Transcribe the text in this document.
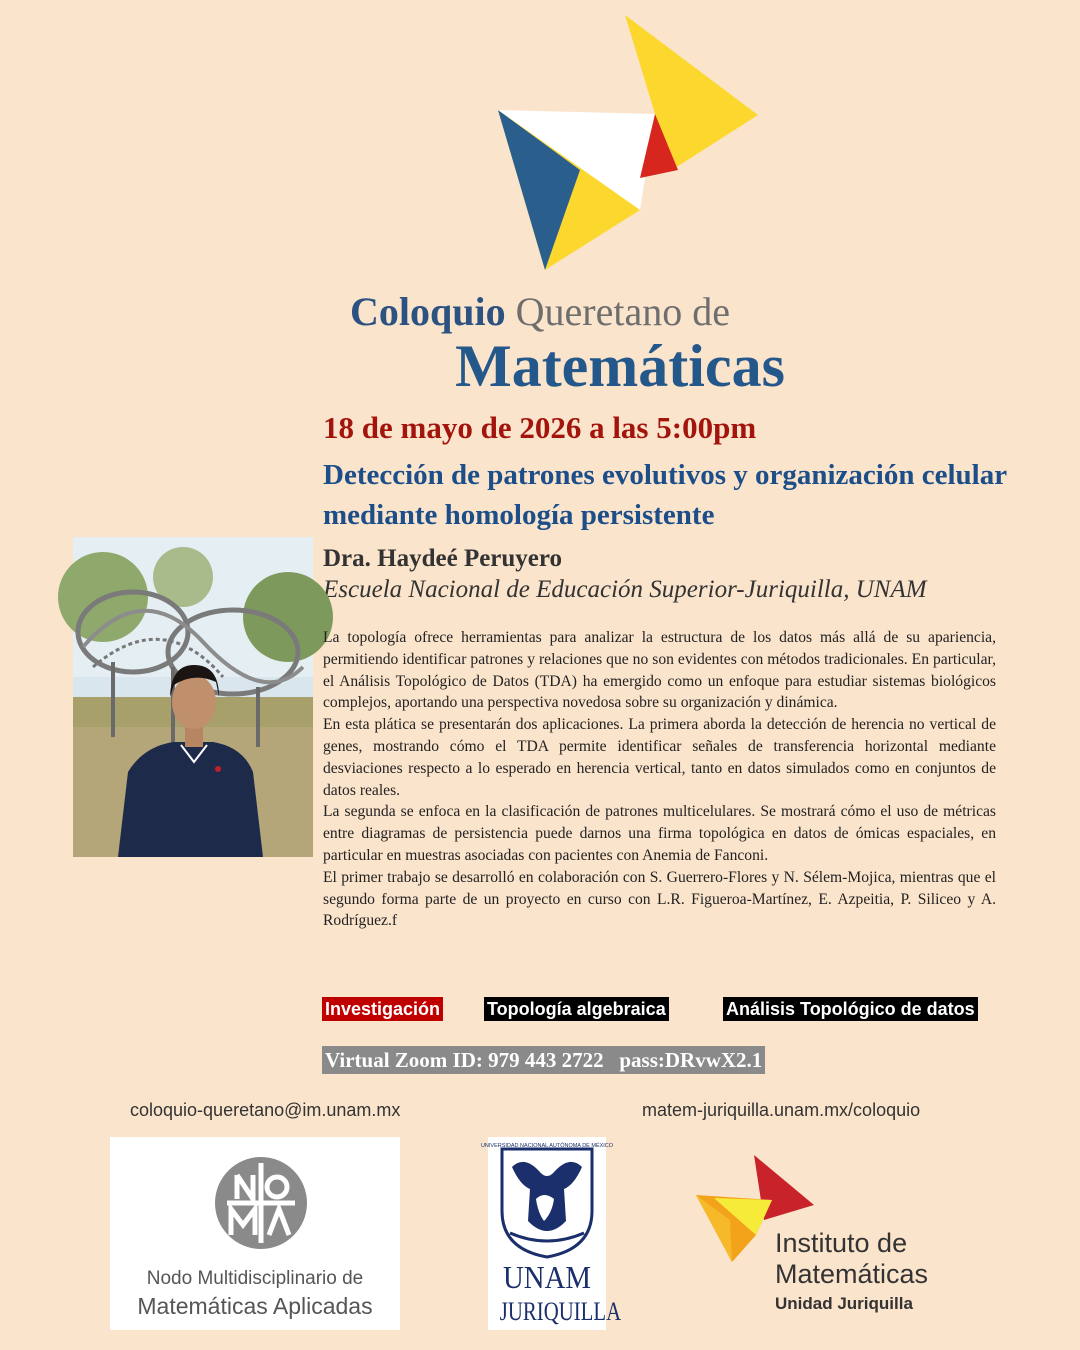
Coloquio Queretano de
Matemáticas
18 de mayo de 2026 a las 5:00pm
Detección de patrones evolutivos y organización celular mediante homología persistente
Dra. Haydeé Peruyero
Escuela Nacional de Educación Superior-Juriquilla, UNAM

La topología ofrece herramientas para analizar la estructura de los datos más allá de su apariencia, permitiendo identificar patrones y relaciones que no son evidentes con métodos tradicionales. En particular, el Análisis Topológico de Datos (TDA) ha emergido como un enfoque para estudiar sistemas biológicos complejos, aportando una perspectiva novedosa sobre su organización y dinámica.

En esta plática se presentarán dos aplicaciones. La primera aborda la detección de herencia no vertical de genes, mostrando cómo el TDA permite identificar señales de transferencia horizontal mediante desviaciones respecto a lo esperado en herencia vertical, tanto en datos simulados como en conjuntos de datos reales.

La segunda se enfoca en la clasificación de patrones multicelulares. Se mostrará cómo el uso de métricas entre diagramas de persistencia puede darnos una firma topológica en datos de ómicas espaciales, en particular en muestras asociadas con pacientes con Anemia de Fanconi.

El primer trabajo se desarrolló en colaboración con S. Guerrero-Flores y N. Sélem-Mojica, mientras que el segundo forma parte de un proyecto en curso con L.R. Figueroa-Martínez, E. Azpeitia, P. Siliceo y A. Rodríguez.f

Investigación	Topología algebraica	Análisis Topológico de datos
Virtual Zoom ID: 979 443 2722   pass:DRvwX2.1
coloquio-queretano@im.unam.mx	matem-juriquilla.unam.mx/coloquio
Nodo Multidisciplinario de
Matemáticas Aplicadas
UNIVERSIDAD NACIONAL AUTÓNOMA DE MÉXICO
UNAM
JURIQUILLA
Instituto de
Matemáticas
Unidad Juriquilla
